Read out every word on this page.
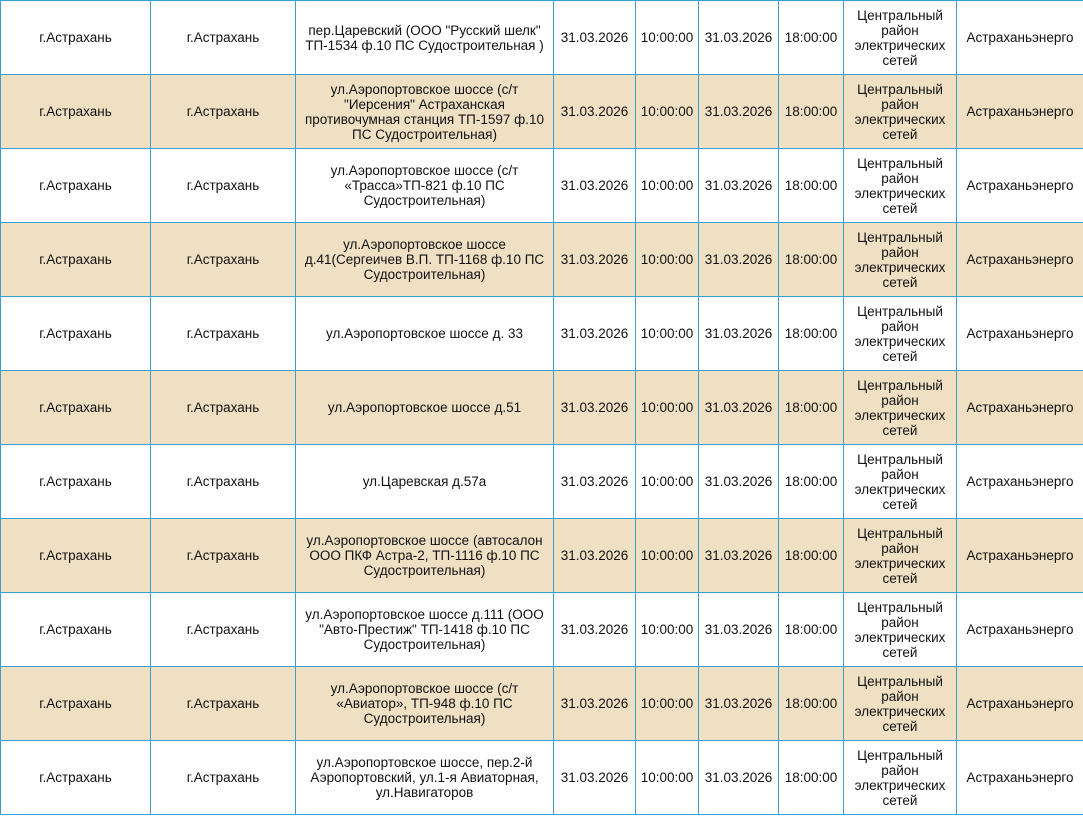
г.Астрахань	г.Астрахань	пер.Царевский (ООО "Русский шелк" ТП-1534 ф.10 ПС Судостроительная )	31.03.2026	10:00:00	31.03.2026	18:00:00	Центральный район электрических сетей	Астраханьэнерго
г.Астрахань	г.Астрахань	ул.Аэропортовское шоссе (с/т "Иерсения" Астраханская противочумная станция ТП-1597 ф.10 ПС Судостроительная)	31.03.2026	10:00:00	31.03.2026	18:00:00	Центральный район электрических сетей	Астраханьэнерго
г.Астрахань	г.Астрахань	ул.Аэропортовское шоссе (с/т «Трасса»ТП-821 ф.10 ПС Судостроительная)	31.03.2026	10:00:00	31.03.2026	18:00:00	Центральный район электрических сетей	Астраханьэнерго
г.Астрахань	г.Астрахань	ул.Аэропортовское шоссе д.41(Сергеичев В.П. ТП-1168 ф.10 ПС Судостроительная)	31.03.2026	10:00:00	31.03.2026	18:00:00	Центральный район электрических сетей	Астраханьэнерго
г.Астрахань	г.Астрахань	ул.Аэропортовское шоссе д. 33	31.03.2026	10:00:00	31.03.2026	18:00:00	Центральный район электрических сетей	Астраханьэнерго
г.Астрахань	г.Астрахань	ул.Аэропортовское шоссе д.51	31.03.2026	10:00:00	31.03.2026	18:00:00	Центральный район электрических сетей	Астраханьэнерго
г.Астрахань	г.Астрахань	ул.Царевская д.57а	31.03.2026	10:00:00	31.03.2026	18:00:00	Центральный район электрических сетей	Астраханьэнерго
г.Астрахань	г.Астрахань	ул.Аэропортовское шоссе (автосалон ООО ПКФ Астра-2, ТП-1116 ф.10 ПС Судостроительная)	31.03.2026	10:00:00	31.03.2026	18:00:00	Центральный район электрических сетей	Астраханьэнерго
г.Астрахань	г.Астрахань	ул.Аэропортовское шоссе д.111 (ООО "Авто-Престиж" ТП-1418 ф.10 ПС Судостроительная)	31.03.2026	10:00:00	31.03.2026	18:00:00	Центральный район электрических сетей	Астраханьэнерго
г.Астрахань	г.Астрахань	ул.Аэропортовское шоссе (с/т «Авиатор», ТП-948 ф.10 ПС Судостроительная)	31.03.2026	10:00:00	31.03.2026	18:00:00	Центральный район электрических сетей	Астраханьэнерго
г.Астрахань	г.Астрахань	ул.Аэропортовское шоссе, пер.2-й Аэропортовский, ул.1-я Авиаторная, ул.Навигаторов	31.03.2026	10:00:00	31.03.2026	18:00:00	Центральный район электрических сетей	Астраханьэнерго
